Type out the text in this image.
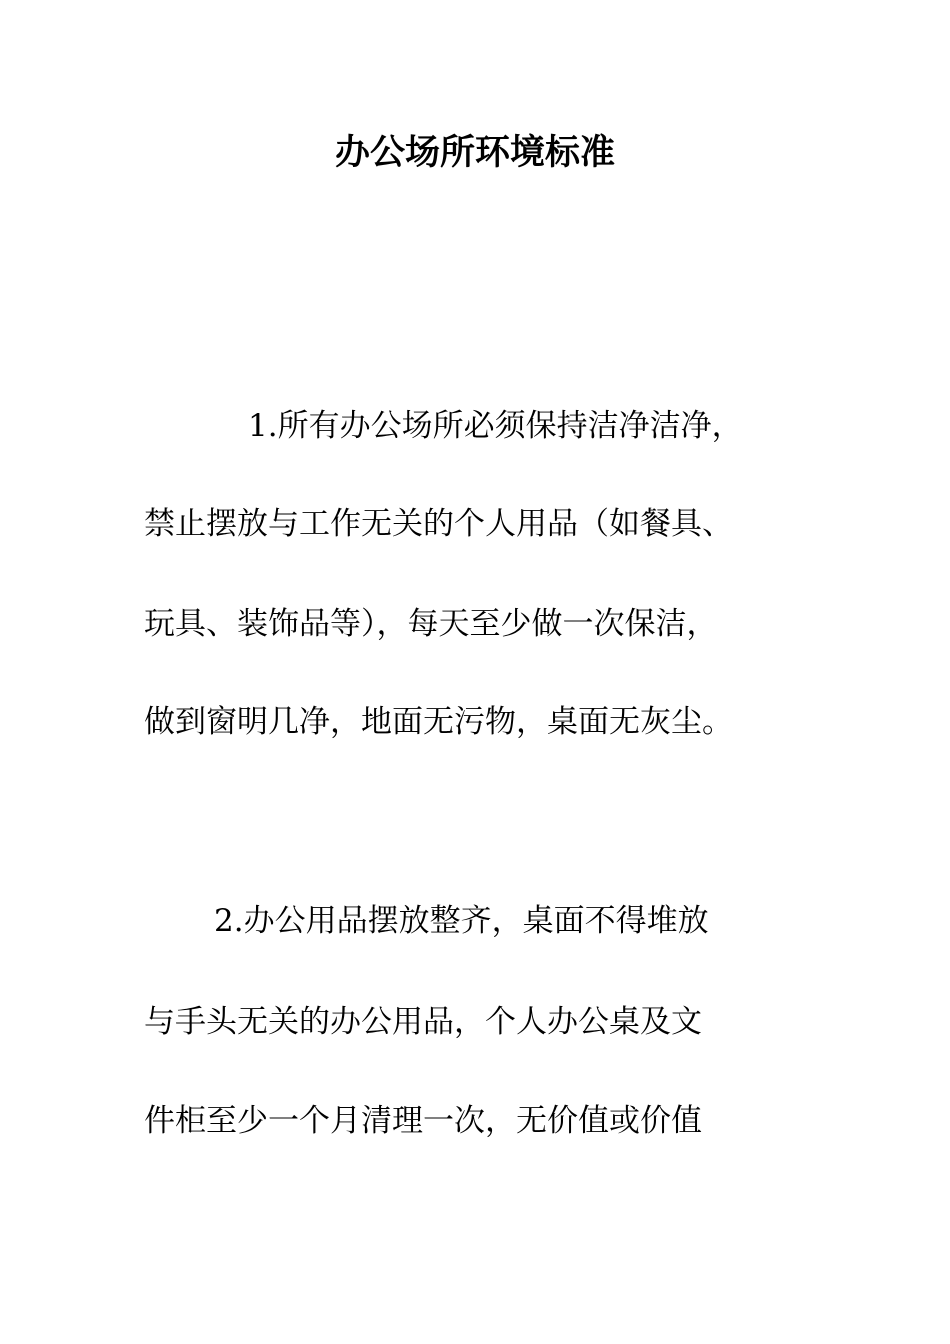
办公场所环境标准
1.所有办公场所必须保持洁净洁净，
禁止摆放与工作无关的个人用品（如餐具、
玩具、装饰品等），每天至少做一次保洁，
做到窗明几净，地面无污物，桌面无灰尘。
2.办公用品摆放整齐，桌面不得堆放
与手头无关的办公用品，个人办公桌及文
件柜至少一个月清理一次，无价值或价值
